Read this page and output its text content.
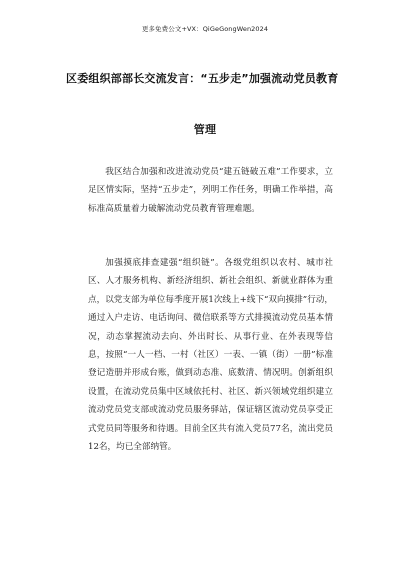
更多免费公文+VX：QiGeGongWen2024
区委组织部部长交流发言：“五步走”加强流动党员教育
管理

我区结合加强和改进流动党员“建五链破五难”工作要求，立足区情实际，坚持“五步走”，列明工作任务，明确工作举措，高标准高质量着力破解流动党员教育管理难题。

加强摸底排查建强“组织链”。各级党组织以农村、城市社区、人才服务机构、新经济组织、新社会组织、新就业群体为重点，以党支部为单位每季度开展1次线上+线下“双向摸排”行动，通过入户走访、电话询问、微信联系等方式排摸流动党员基本情况，动态掌握流动去向、外出时长、从事行业、在外表现等信息，按照“一人一档、一村（社区）一表、一镇（街）一册”标准登记造册并形成台账，做到动态准、底数清、情况明。创新组织设置，在流动党员集中区域依托村、社区、新兴领域党组织建立流动党员党支部或流动党员服务驿站，保证辖区流动党员享受正式党员同等服务和待遇。目前全区共有流入党员77名，流出党员12名，均已全部纳管。
